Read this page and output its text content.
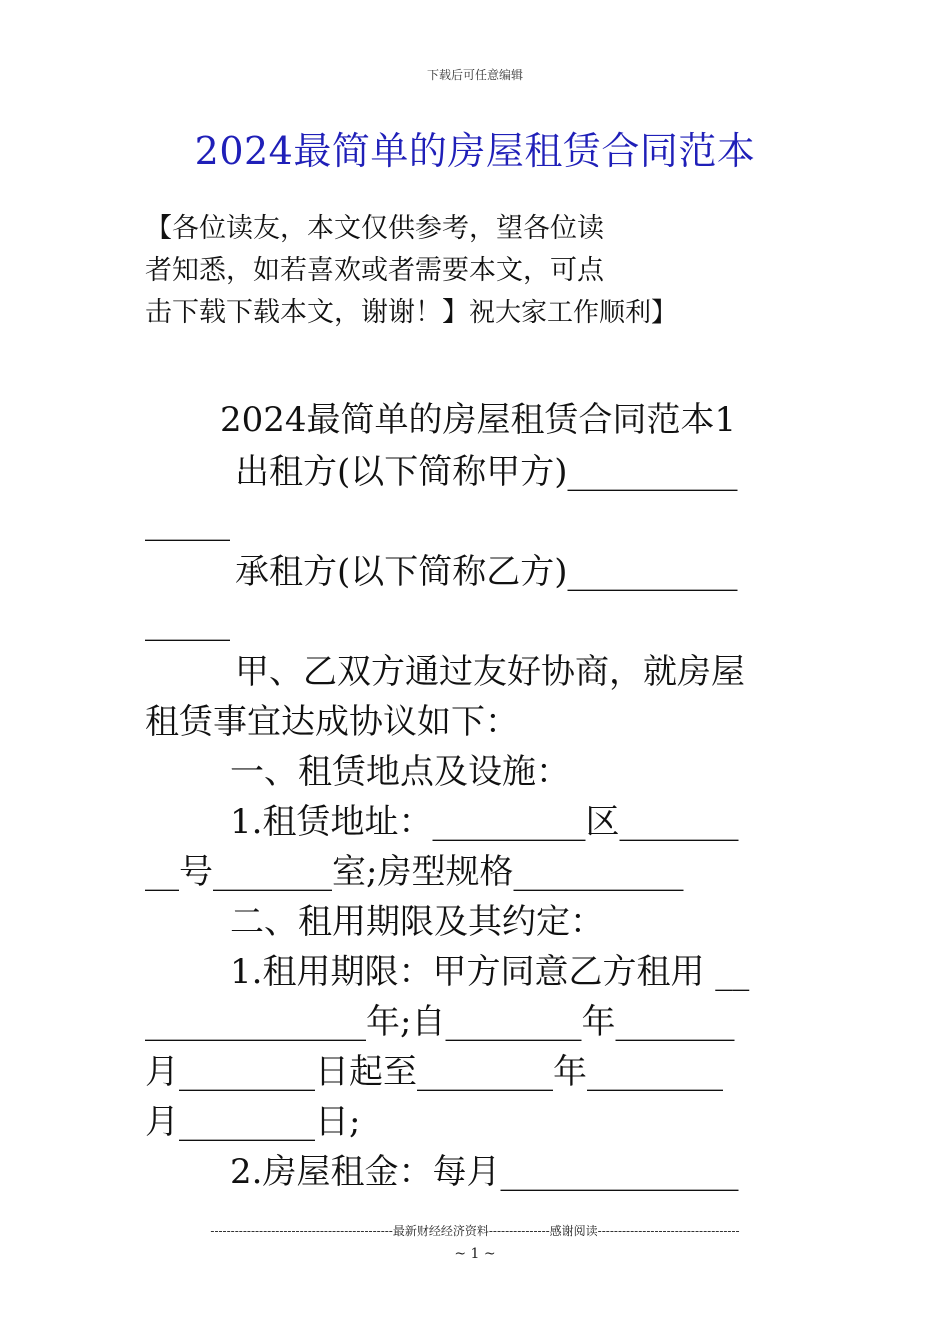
下载后可任意编辑
2024最简单的房屋租赁合同范本
【各位读友，本文仅供参考，望各位读
者知悉，如若喜欢或者需要本文，可点
击下载下载本文，谢谢！】祝大家工作顺利】
2024最简单的房屋租赁合同范本1
出租方(以下简称甲方)__________
_____
承租方(以下简称乙方)__________
_____
甲、乙双方通过友好协商，就房屋
租赁事宜达成协议如下：
一、租赁地点及设施：
1.租赁地址：_________区_______
__号_______室;房型规格__________
二、租用期限及其约定：
1.租用期限：甲方同意乙方租用 __
_____________年;自________年_______
月________日起至________年________
月________日;
2.房屋租金：每月______________
---------------------------------------------最新财经经济资料---------------感谢阅读-----------------------------------
~ 1 ~
